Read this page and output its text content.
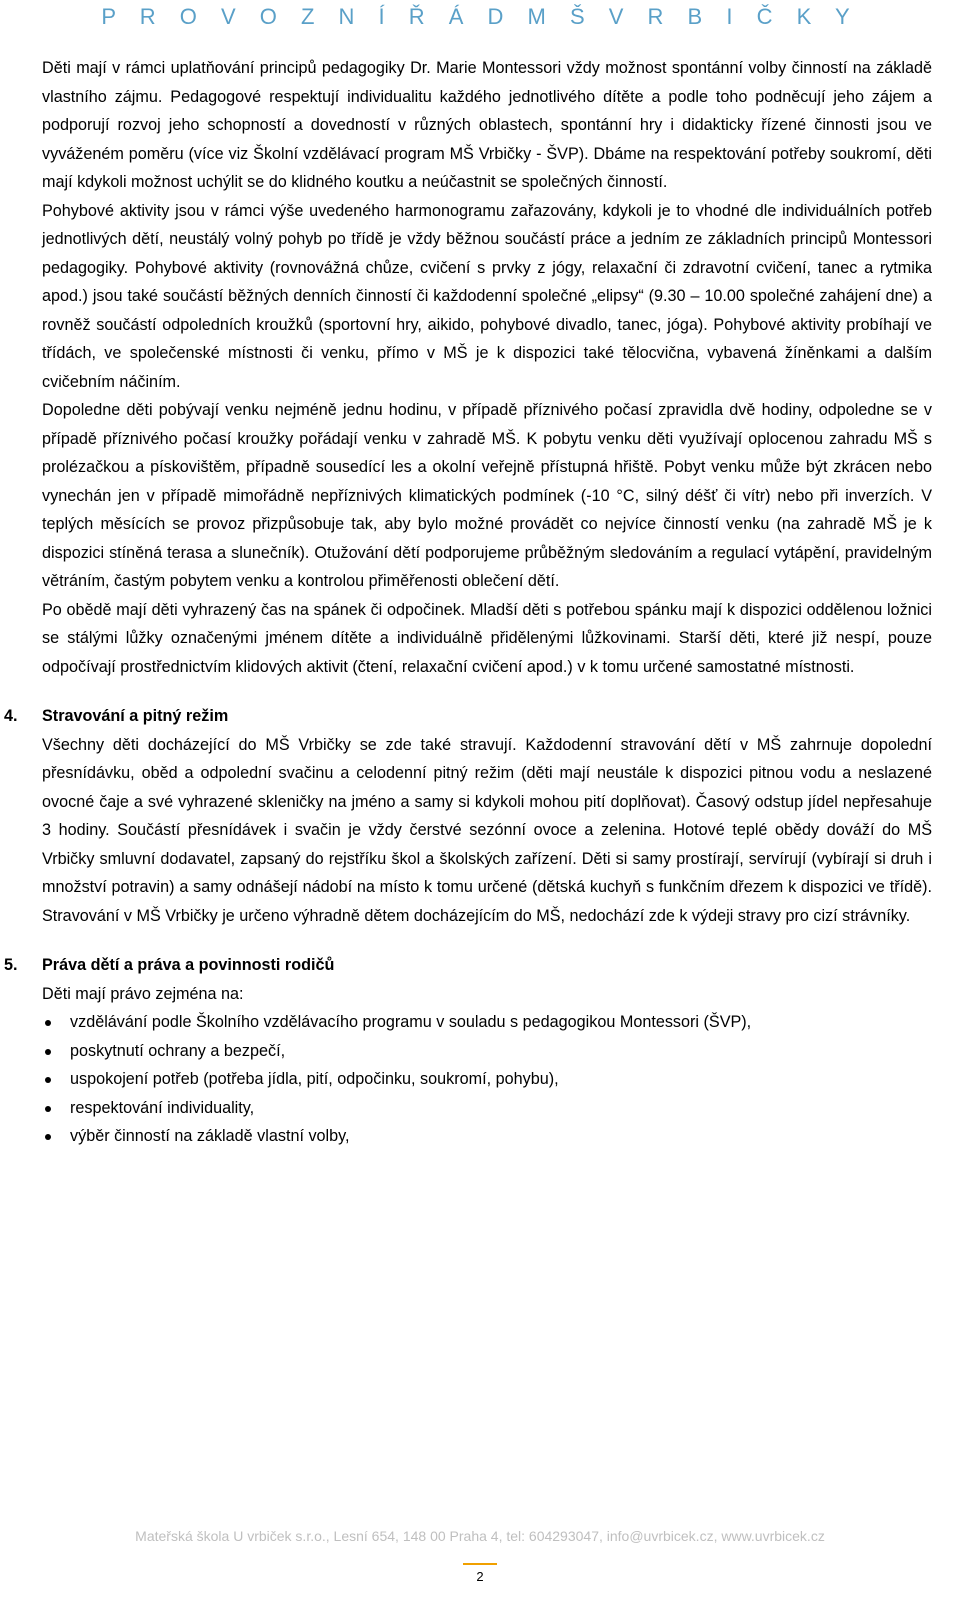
P R O V O Z N Í Ř Á D M Š V R B I Č K Y

Děti mají v rámci uplatňování principů pedagogiky Dr. Marie Montessori vždy možnost spontánní volby činností na základě vlastního zájmu. Pedagogové respektují individualitu každého jednotlivého dítěte a podle toho podněcují jeho zájem a podporují rozvoj jeho schopností a dovedností v různých oblastech, spontánní hry i didakticky řízené činnosti jsou ve vyváženém poměru (více viz Školní vzdělávací program MŠ Vrbičky - ŠVP). Dbáme na respektování potřeby soukromí, děti mají kdykoli možnost uchýlit se do klidného koutku a neúčastnit se společných činností.

Pohybové aktivity jsou v rámci výše uvedeného harmonogramu zařazovány, kdykoli je to vhodné dle individuálních potřeb jednotlivých dětí, neustálý volný pohyb po třídě je vždy běžnou součástí práce a jedním ze základních principů Montessori pedagogiky. Pohybové aktivity (rovnovážná chůze, cvičení s prvky z jógy, relaxační či zdravotní cvičení, tanec a rytmika apod.) jsou také součástí běžných denních činností či každodenní společné „elipsy“ (9.30 – 10.00 společné zahájení dne) a rovněž součástí odpoledních kroužků (sportovní hry, aikido, pohybové divadlo, tanec, jóga). Pohybové aktivity probíhají ve třídách, ve společenské místnosti či venku, přímo v MŠ je k dispozici také tělocvična, vybavená žíněnkami a dalším cvičebním náčiním.

Dopoledne děti pobývají venku nejméně jednu hodinu, v případě příznivého počasí zpravidla dvě hodiny, odpoledne se v případě příznivého počasí kroužky pořádají venku v zahradě MŠ. K pobytu venku děti využívají oplocenou zahradu MŠ s prolézačkou a pískovištěm, případně sousedící les a okolní veřejně přístupná hřiště. Pobyt venku může být zkrácen nebo vynechán jen v případě mimořádně nepříznivých klimatických podmínek (-10 °C, silný déšť či vítr) nebo při inverzích. V teplých měsících se provoz přizpůsobuje tak, aby bylo možné provádět co nejvíce činností venku (na zahradě MŠ je k dispozici stíněná terasa a slunečník). Otužování dětí podporujeme průběžným sledováním a regulací vytápění, pravidelným větráním, častým pobytem venku a kontrolou přiměřenosti oblečení dětí.

Po obědě mají děti vyhrazený čas na spánek či odpočinek. Mladší děti s potřebou spánku mají k dispozici oddělenou ložnici se stálými lůžky označenými jménem dítěte a individuálně přidělenými lůžkovinami. Starší děti, které již nespí, pouze odpočívají prostřednictvím klidových aktivit (čtení, relaxační cvičení apod.) v k tomu určené samostatné místnosti.

4. Stravování a pitný režim

Všechny děti docházející do MŠ Vrbičky se zde také stravují. Každodenní stravování dětí v MŠ zahrnuje dopolední přesnídávku, oběd a odpolední svačinu a celodenní pitný režim (děti mají neustále k dispozici pitnou vodu a neslazené ovocné čaje a své vyhrazené skleničky na jméno a samy si kdykoli mohou pití doplňovat). Časový odstup jídel nepřesahuje 3 hodiny. Součástí přesnídávek i svačin je vždy čerstvé sezónní ovoce a zelenina. Hotové teplé obědy dováží do MŠ Vrbičky smluvní dodavatel, zapsaný do rejstříku škol a školských zařízení. Děti si samy prostírají, servírují (vybírají si druh i množství potravin) a samy odnášejí nádobí na místo k tomu určené (dětská kuchyň s funkčním dřezem k dispozici ve třídě). Stravování v MŠ Vrbičky je určeno výhradně dětem docházejícím do MŠ, nedochází zde k výdeji stravy pro cizí strávníky.

5. Práva dětí a práva a povinnosti rodičů

Děti mají právo zejména na:

vzdělávání podle Školního vzdělávacího programu v souladu s pedagogikou Montessori (ŠVP),
poskytnutí ochrany a bezpečí,
uspokojení potřeb (potřeba jídla, pití, odpočinku, soukromí, pohybu),
respektování individuality,
výběr činností na základě vlastní volby,
Mateřská škola U vrbiček s.r.o., Lesní 654, 148 00 Praha 4, tel: 604293047, info@uvrbicek.cz, www.uvrbicek.cz
2
